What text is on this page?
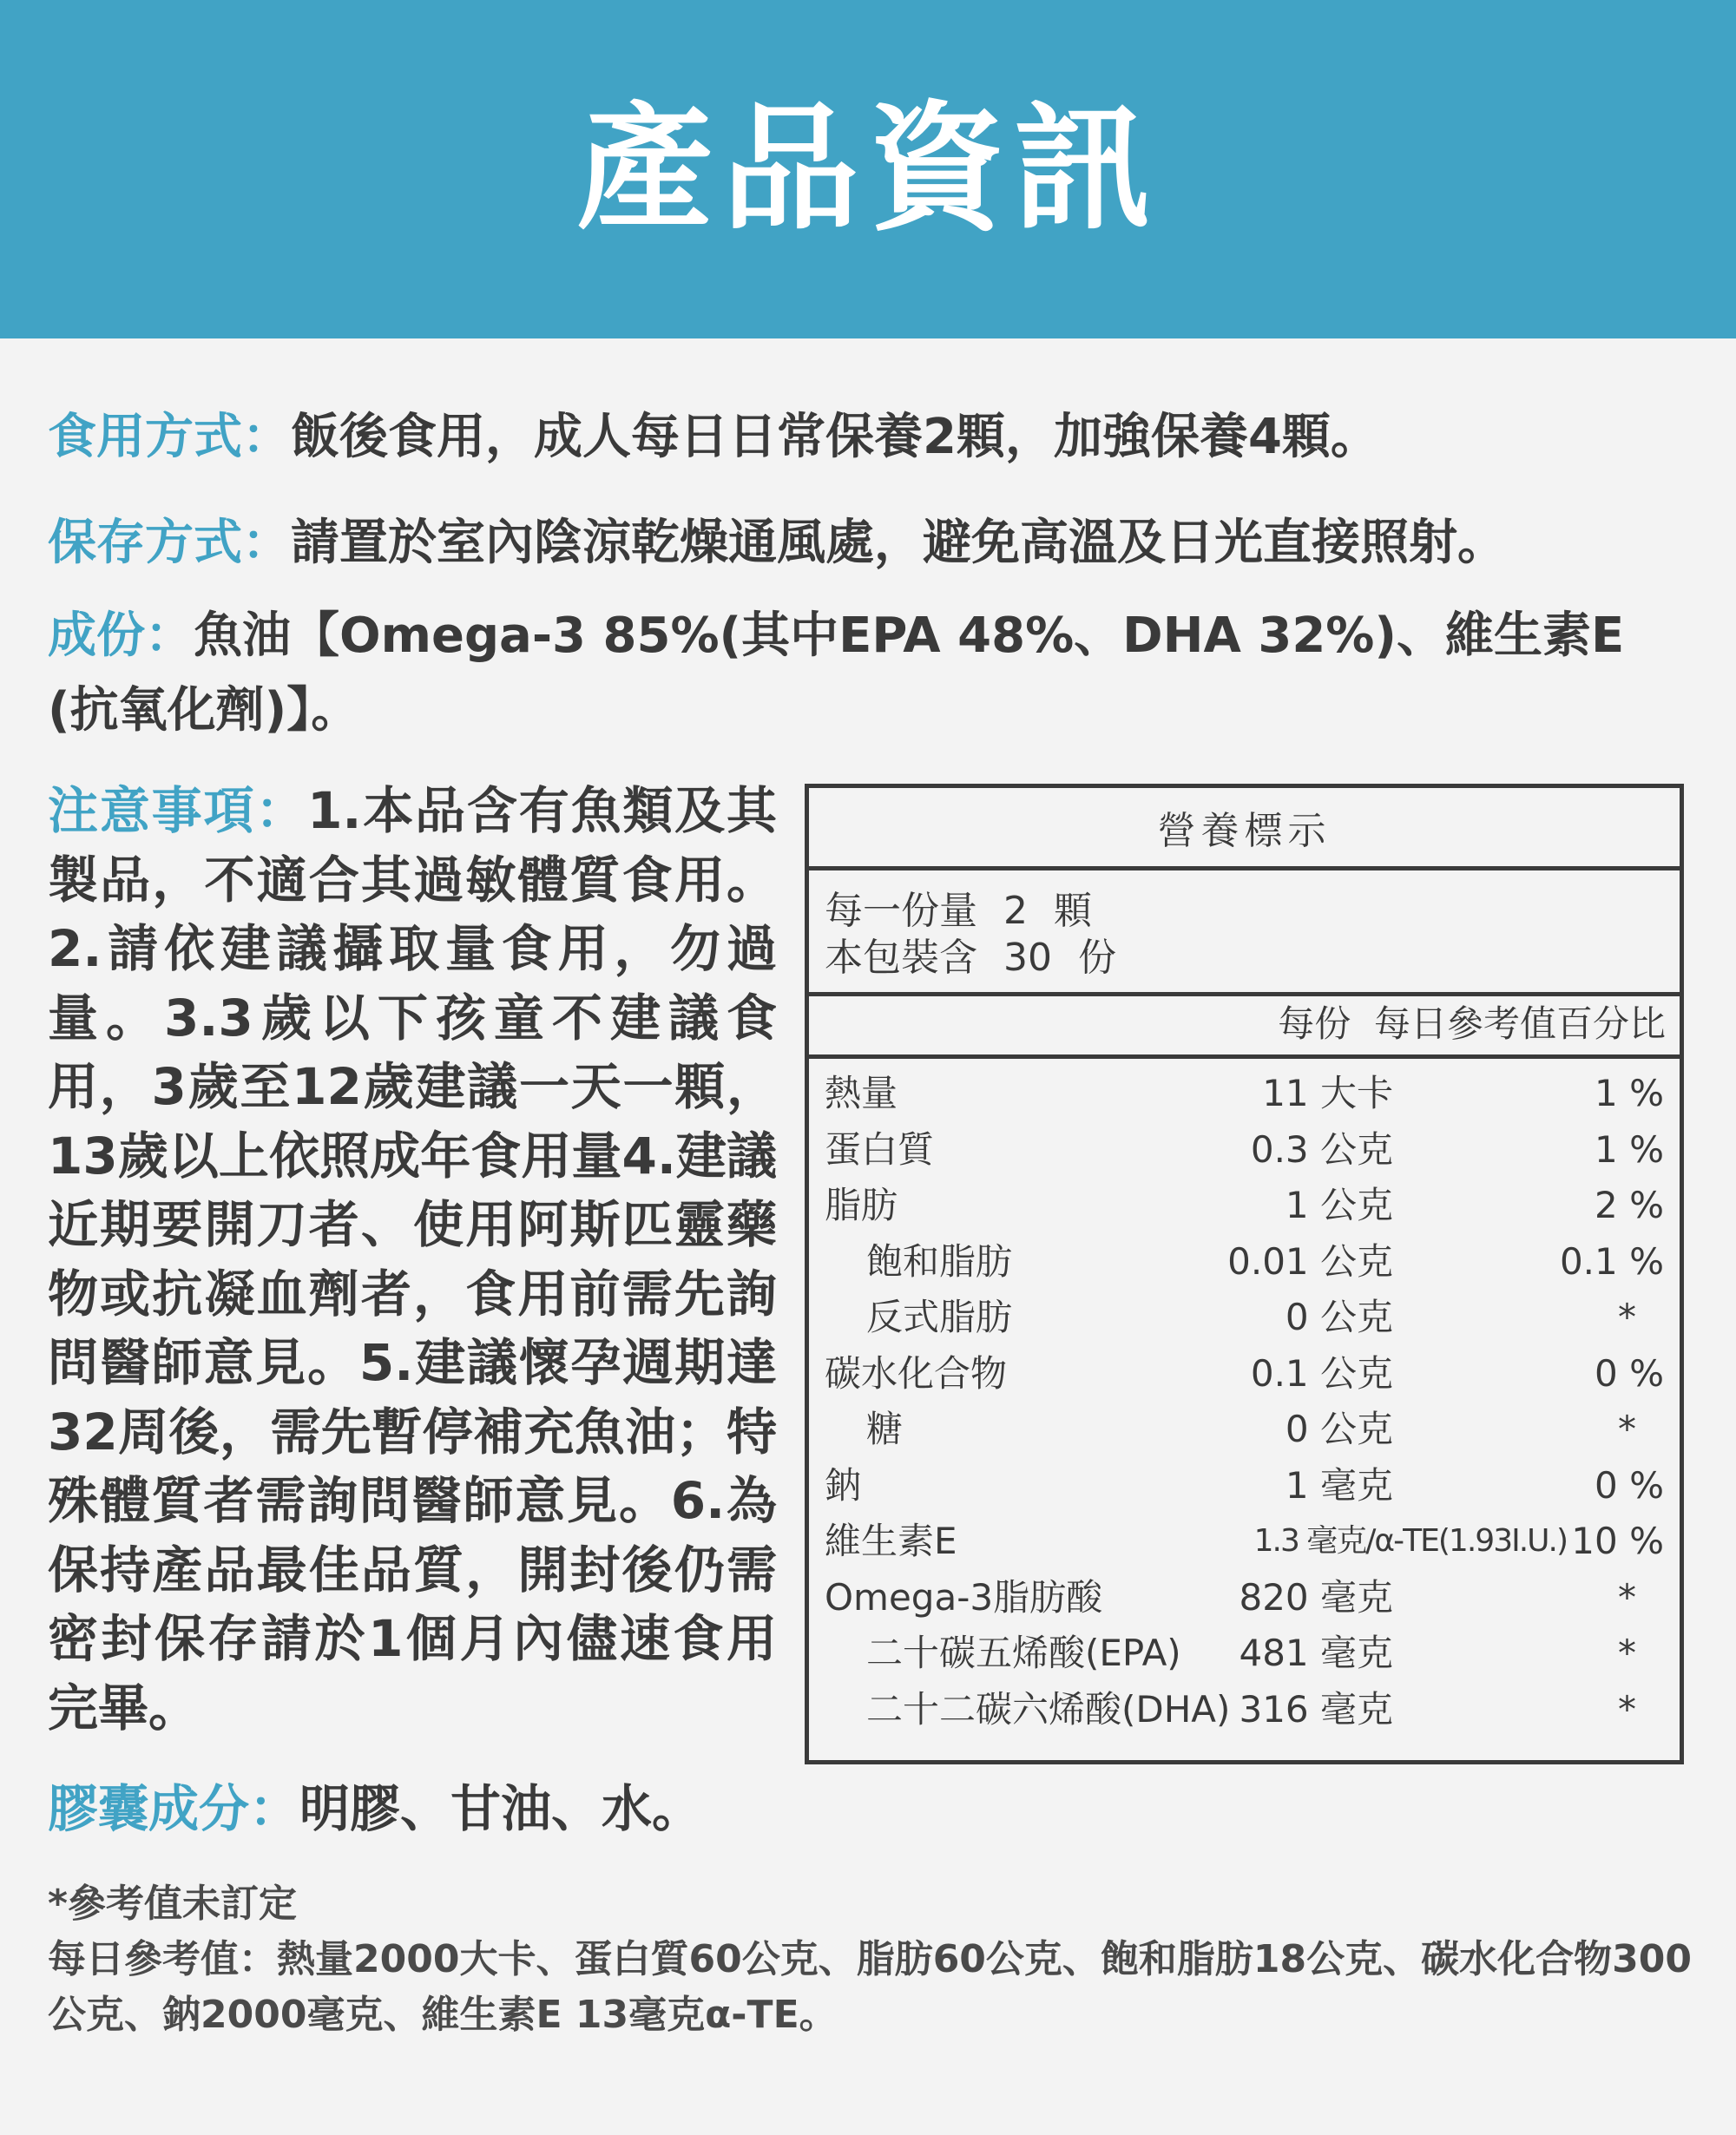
產品資訊
食用方式：飯後食用，成人每日日常保養2顆，加強保養4顆。
保存方式：請置於室內陰涼乾燥通風處，避免高溫及日光直接照射。
成份：魚油【Omega-3 85%(其中EPA 48%、DHA 32%)、維生素E (抗氧化劑)】。
注意事項：1.本品含有魚類及其製品，不適合其過敏體質食用。2.請依建議攝取量食用，勿過量。3.3歲以下孩童不建議食用，3歲至12歲建議一天一顆，13歲以上依照成年食用量4.建議近期要開刀者、使用阿斯匹靈藥物或抗凝血劑者，食用前需先詢問醫師意見。5.建議懷孕週期達32周後，需先暫停補充魚油；特殊體質者需詢問醫師意見。6.為保持產品最佳品質，開封後仍需密封保存請於1個月內儘速食用完畢。
營養標示
每一份量 2 顆
本包裝含 30 份
每份 每日參考值百分比
熱量	11 大卡	1 %
蛋白質	0.3 公克	1 %
脂肪	1 公克	2 %
飽和脂肪	0.01 公克	0.1 %
反式脂肪	0 公克	*
碳水化合物	0.1 公克	0 %
糖	0 公克	*
鈉	1 毫克	0 %
維生素E	1.3 毫克/α-TE(1.93I.U.) 10 %
Omega-3脂肪酸	820 毫克	*
二十碳五烯酸(EPA) 481 毫克	*
二十二碳六烯酸(DHA) 316 毫克	*
膠囊成分：明膠、甘油、水。
*參考值未訂定
每日參考值：熱量2000大卡、蛋白質60公克、脂肪60公克、飽和脂肪18公克、碳水化合物300公克、鈉2000毫克、維生素E 13毫克α-TE。
